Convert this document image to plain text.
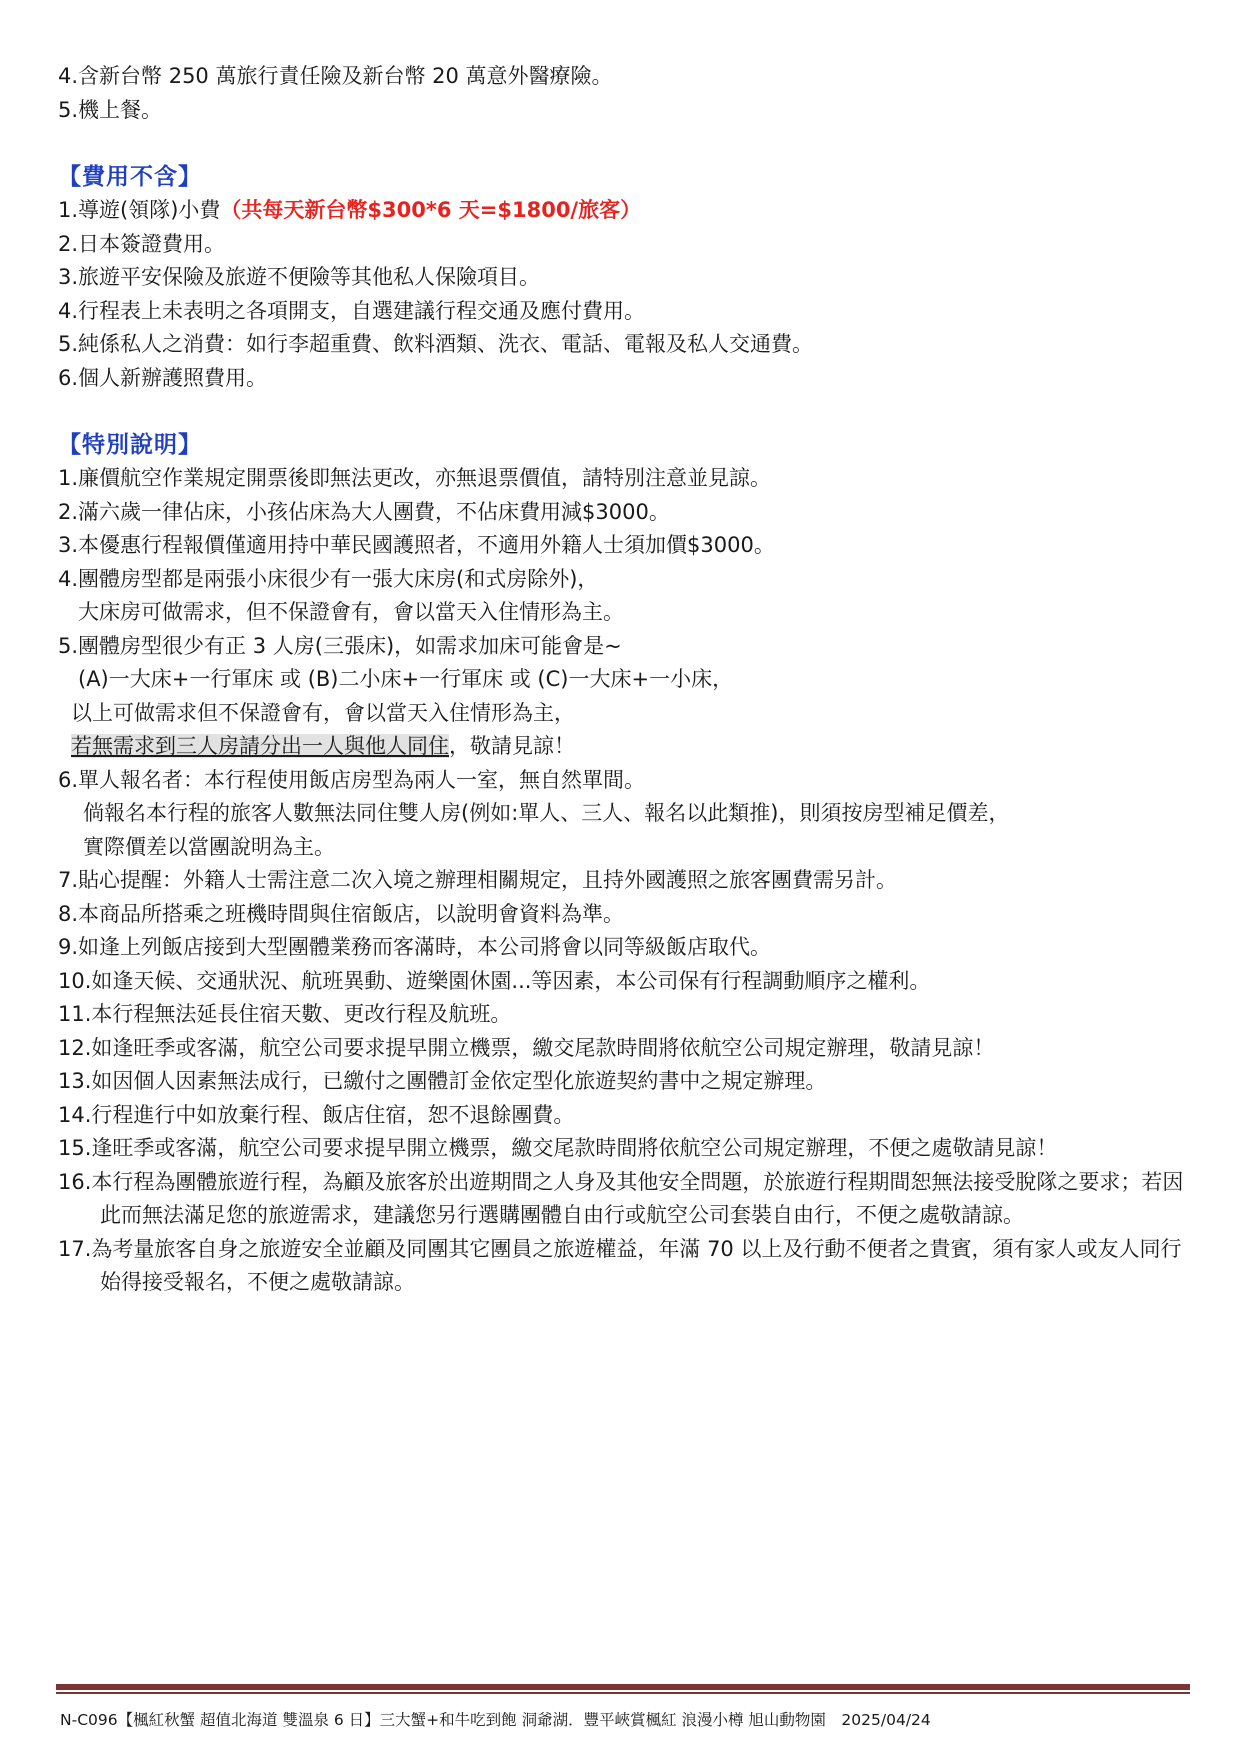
4.含新台幣 250 萬旅行責任險及新台幣 20 萬意外醫療險。
5.機上餐。
【費用不含】
1.導遊(領隊)小費（共每天新台幣$300*6 天=$1800/旅客）
2.日本簽證費用。
3.旅遊平安保險及旅遊不便險等其他私人保險項目。
4.行程表上未表明之各項開支，自選建議行程交通及應付費用。
5.純係私人之消費：如行李超重費、飲料酒類、洗衣、電話、電報及私人交通費。
6.個人新辦護照費用。
【特別說明】
1.廉價航空作業規定開票後即無法更改，亦無退票價值，請特別注意並見諒。
2.滿六歲一律佔床，小孩佔床為大人團費，不佔床費用減$3000。
3.本優惠行程報價僅適用持中華民國護照者，不適用外籍人士須加價$3000。
4.團體房型都是兩張小床很少有一張大床房(和式房除外)，
大床房可做需求，但不保證會有，會以當天入住情形為主。
5.團體房型很少有正 3 人房(三張床)，如需求加床可能會是~
(A)一大床+一行軍床 或 (B)二小床+一行軍床 或 (C)一大床+一小床，
以上可做需求但不保證會有，會以當天入住情形為主，
若無需求到三人房請分出一人與他人同住，敬請見諒！
6.單人報名者：本行程使用飯店房型為兩人一室，無自然單間。
倘報名本行程的旅客人數無法同住雙人房(例如:單人、三人、報名以此類推)，則須按房型補足價差，
實際價差以當團說明為主。
7.貼心提醒：外籍人士需注意二次入境之辦理相關規定，且持外國護照之旅客團費需另計。
8.本商品所搭乘之班機時間與住宿飯店，以說明會資料為準。
9.如逢上列飯店接到大型團體業務而客滿時，本公司將會以同等級飯店取代。
10.如逢天候、交通狀況、航班異動、遊樂園休園...等因素，本公司保有行程調動順序之權利。
11.本行程無法延長住宿天數、更改行程及航班。
12.如逢旺季或客滿，航空公司要求提早開立機票，繳交尾款時間將依航空公司規定辦理，敬請見諒！
13.如因個人因素無法成行，已繳付之團體訂金依定型化旅遊契約書中之規定辦理。
14.行程進行中如放棄行程、飯店住宿，恕不退餘團費。
15.逢旺季或客滿，航空公司要求提早開立機票，繳交尾款時間將依航空公司規定辦理，不便之處敬請見諒！
16.本行程為團體旅遊行程，為顧及旅客於出遊期間之人身及其他安全問題，於旅遊行程期間恕無法接受脫隊之要求；若因此而無法滿足您的旅遊需求，建議您另行選購團體自由行或航空公司套裝自由行，不便之處敬請諒。
17.為考量旅客自身之旅遊安全並顧及同團其它團員之旅遊權益，年滿 70 以上及行動不便者之貴賓，須有家人或友人同行始得接受報名，不便之處敬請諒。
N-C096【楓紅秋蟹 超值北海道 雙溫泉 6 日】三大蟹+和牛吃到飽 洞爺湖．豐平峽賞楓紅 浪漫小樽 旭山動物園　2025/04/24
